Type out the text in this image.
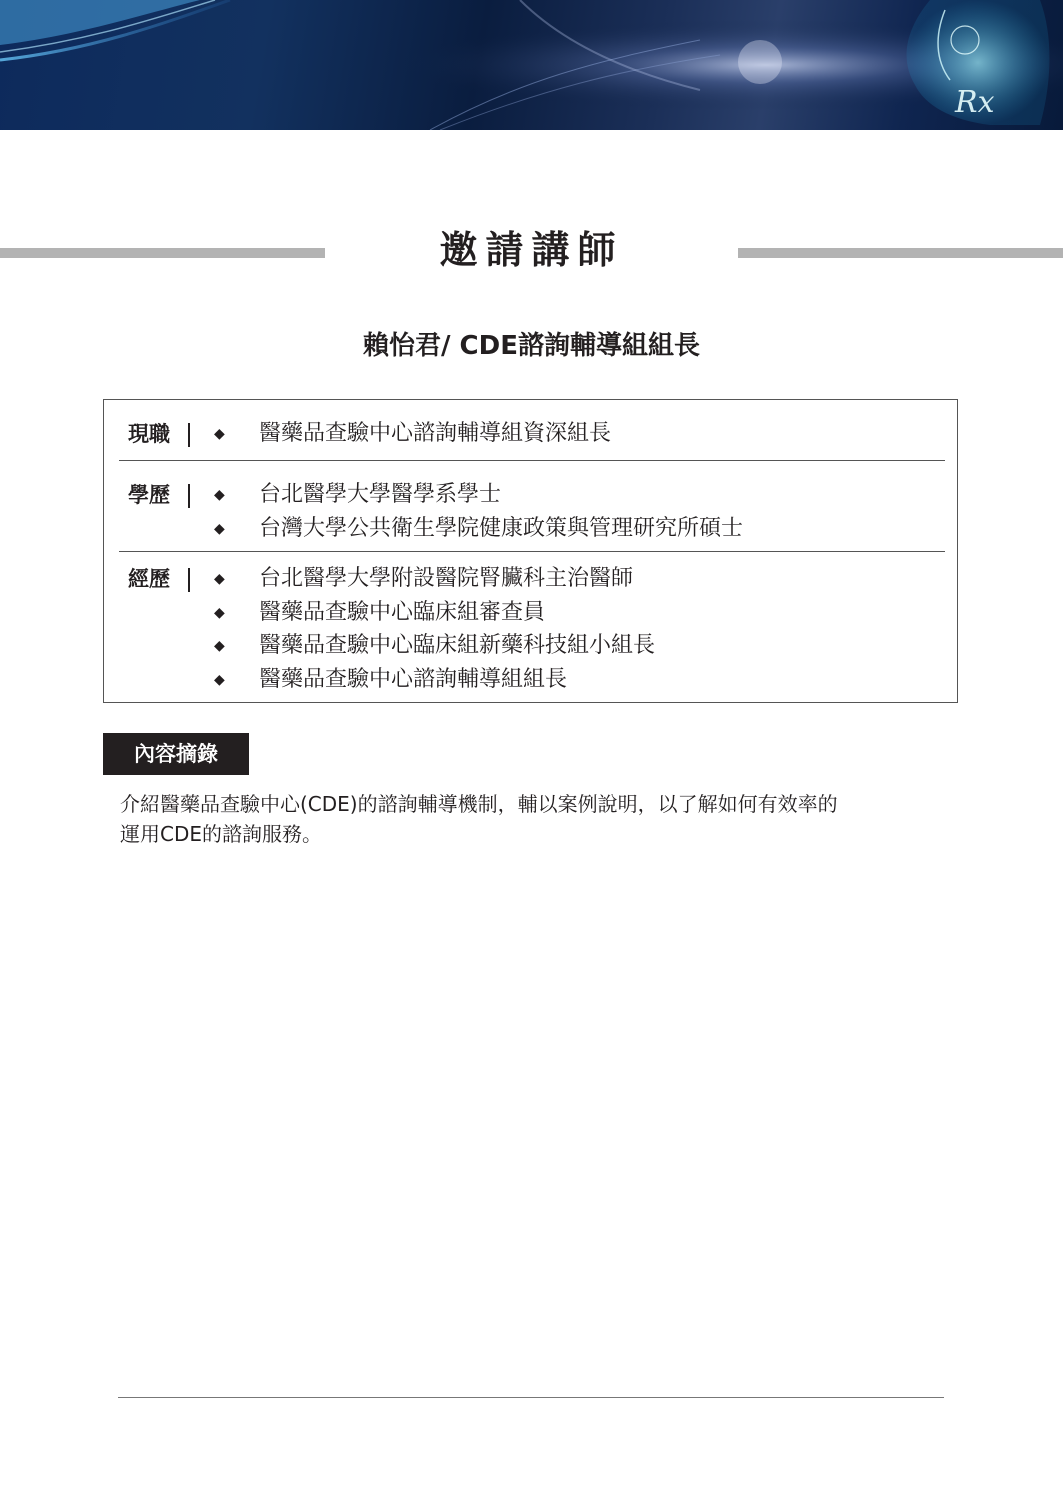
Rx
邀請講師
賴怡君/ CDE諮詢輔導組組長
現職	◆ 醫藥品查驗中心諮詢輔導組資深組長
學歷	◆ 台北醫學大學醫學系學士
◆ 台灣大學公共衛生學院健康政策與管理研究所碩士
經歷	◆ 台北醫學大學附設醫院腎臟科主治醫師
◆ 醫藥品查驗中心臨床組審查員
◆ 醫藥品查驗中心臨床組新藥科技組小組長
◆ 醫藥品查驗中心諮詢輔導組組長
內容摘錄
介紹醫藥品查驗中心(CDE)的諮詢輔導機制，輔以案例說明，以了解如何有效率的
運用CDE的諮詢服務。
